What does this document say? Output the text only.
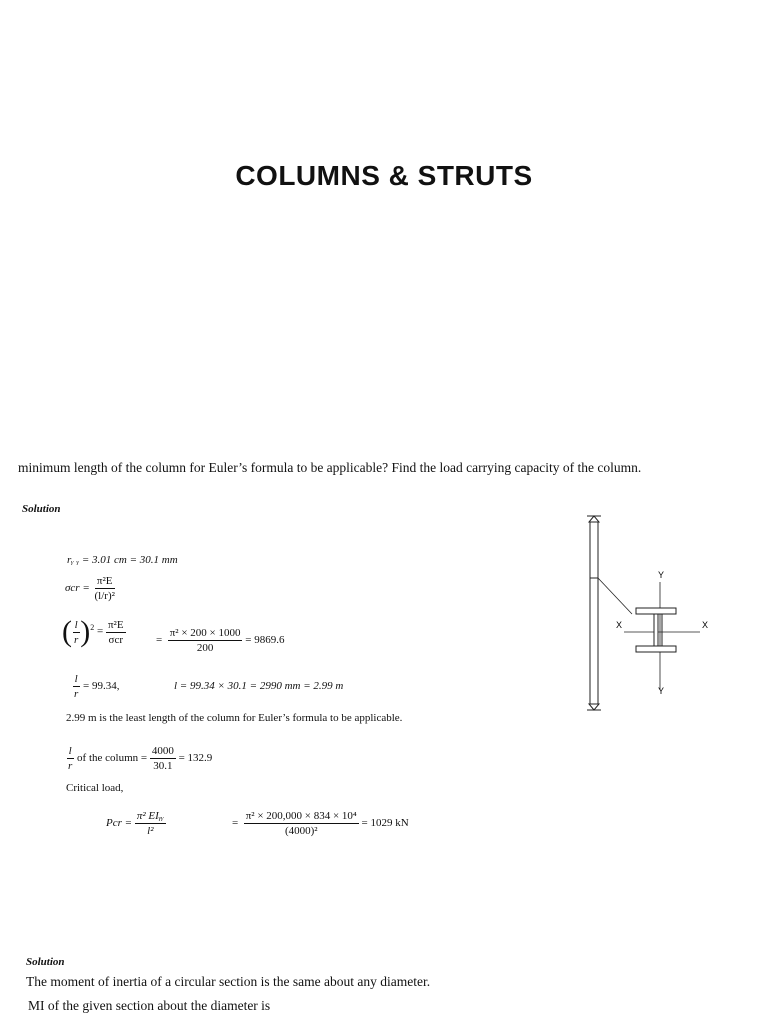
COLUMNS & STRUTS
minimum length of the column for Euler’s formula to be applicable? Find the load carrying capacity of the column.
Solution
rᵧ ᵧ = 3.01 cm = 30.1 mm
$\sigma cr = \frac{\text{π²E}}{\text{(l/r)²}}$
( $\frac{l}{r} )^2 = \frac{\text{π²E}}{\text{σcr}}$	= $\frac{\text{π² × 200 × 1000}}{200} = 9869.6$
$\frac{l}{r} = 99.34$,	l = 99.34 × 30.1 = 2990 mm = 2.99 m
2.99 m is the least length of the column for Euler’s formula to be applicable.
$\frac{l}{r}$ of the column = $\frac{4000}{30.1} = 132.9$
Critical load,
Pcr = $\frac{\text{π² EIᵧᵧ}}{\text{l²}}$	= $\frac{\text{π² × 200,000 × 834 × 10⁴}}{\text{(4000)²}} = 1029$ kN
Y
Y
X	X
Solution
The moment of inertia of a circular section is the same about any diameter.
MI of the given section about the diameter is
